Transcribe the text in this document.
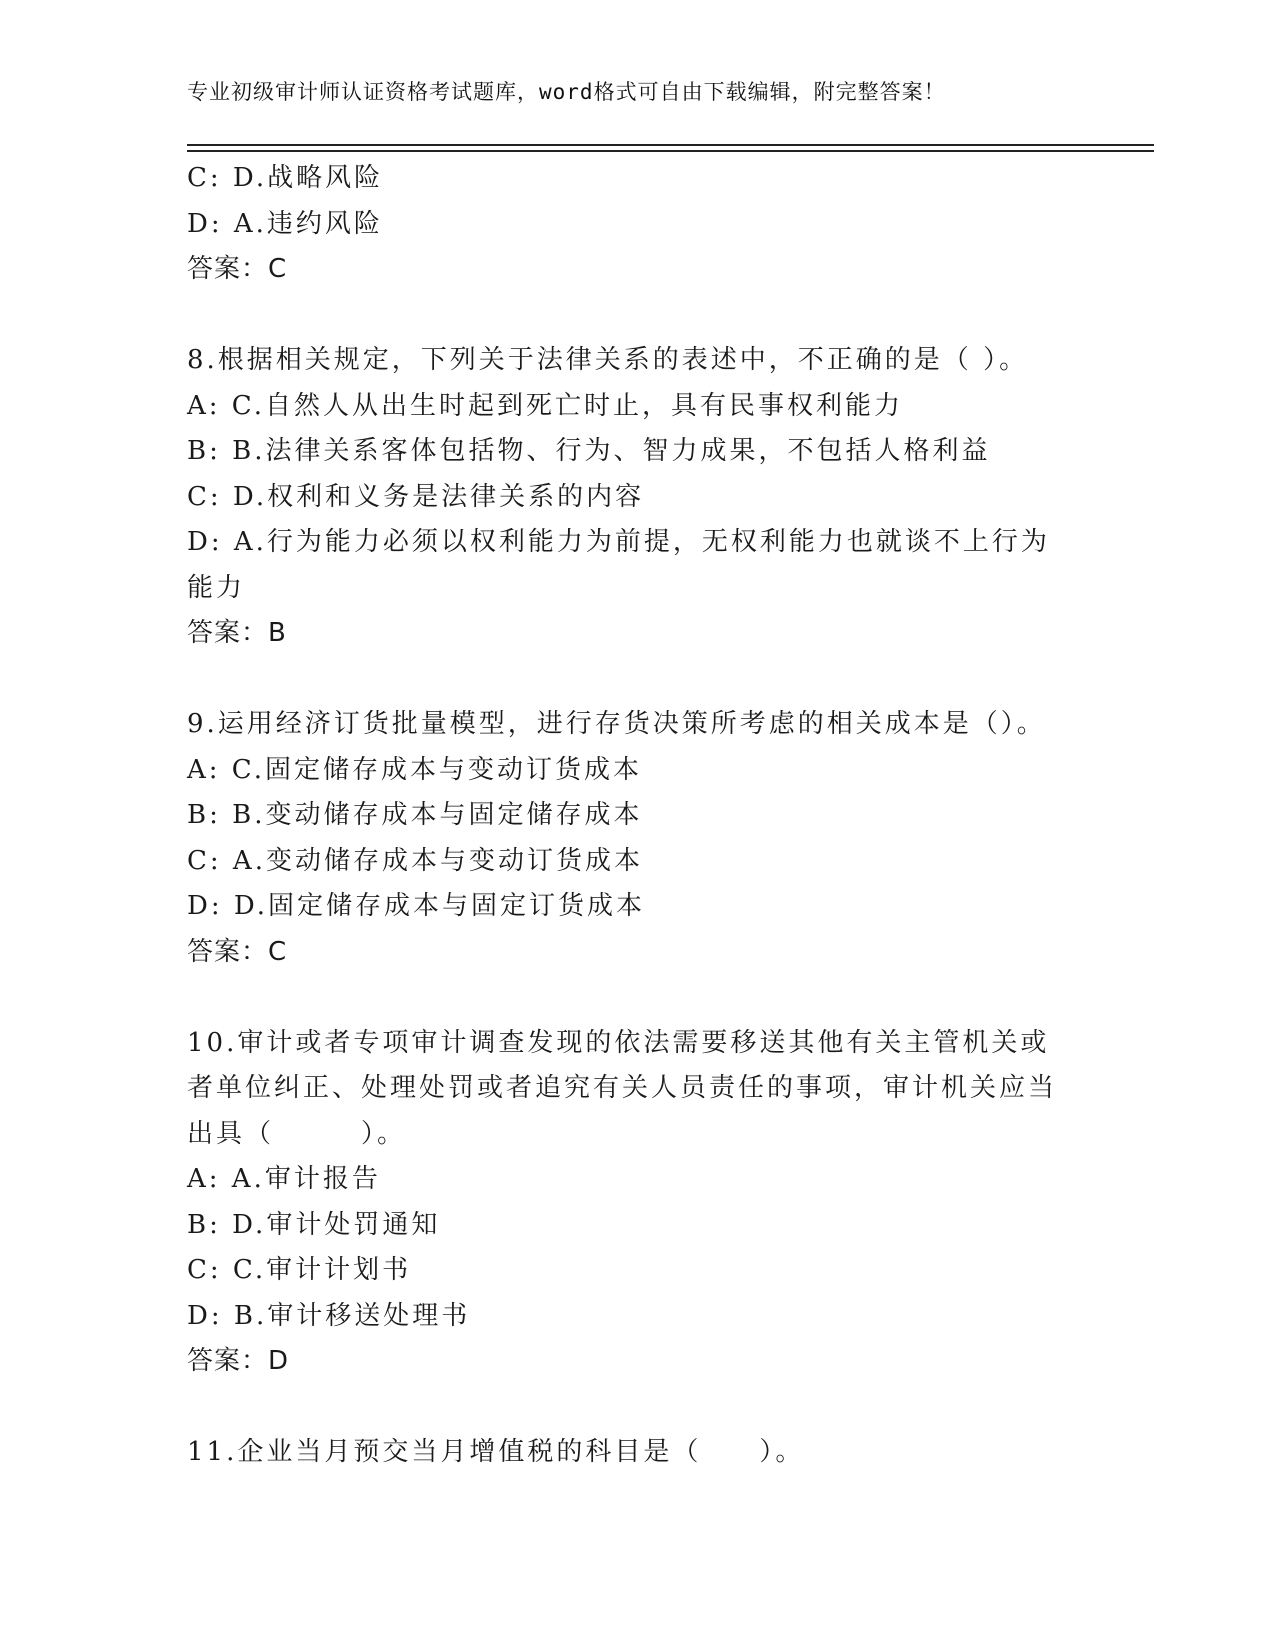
专业初级审计师认证资格考试题库，word格式可自由下载编辑，附完整答案！
C: D.战略风险
D: A.违约风险
答案：C
8.根据相关规定，下列关于法律关系的表述中，不正确的是（ ）。
A: C.自然人从出生时起到死亡时止，具有民事权利能力
B: B.法律关系客体包括物、行为、智力成果，不包括人格利益
C: D.权利和义务是法律关系的内容
D: A.行为能力必须以权利能力为前提，无权利能力也就谈不上行为能力
答案：B
9.运用经济订货批量模型，进行存货决策所考虑的相关成本是（）。
A: C.固定储存成本与变动订货成本
B: B.变动储存成本与固定储存成本
C: A.变动储存成本与变动订货成本
D: D.固定储存成本与固定订货成本
答案：C
10.审计或者专项审计调查发现的依法需要移送其他有关主管机关或者单位纠正、处理处罚或者追究有关人员责任的事项，审计机关应当出具（　　　）。
A: A.审计报告
B: D.审计处罚通知
C: C.审计计划书
D: B.审计移送处理书
答案：D
11.企业当月预交当月增值税的科目是（　　）。
